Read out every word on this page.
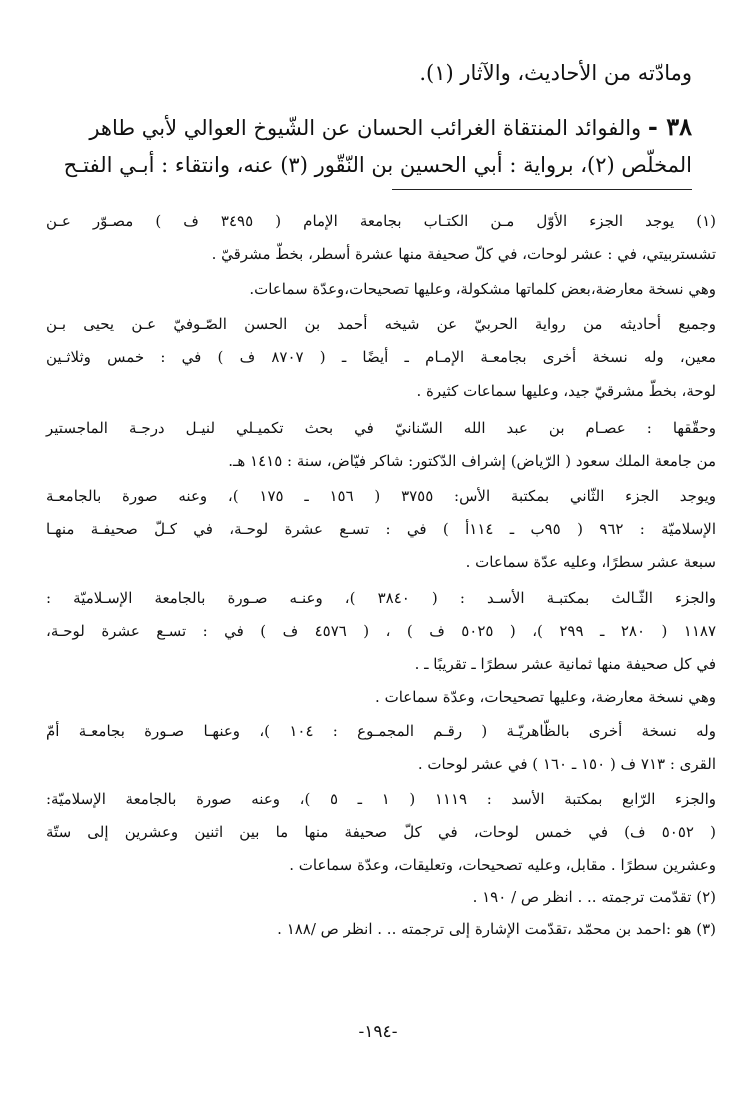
ومادّته من الأحاديث، والآثار (١).
٣٨ - والفوائد المنتقاة الغرائب الحسان عن الشّيوخ العوالي لأبي طاهر
المخلّص (٢)، برواية : أبي الحسين بن النّقّور (٣) عنه، وانتقاء : أبـي الفتـح
(١) يوجد الجزء الأوّل مـن الكتـاب بجامعة الإمام ( ٣٤٩٥ ف ) مصـوّر عـن
تشستربيتي، في : عشر لوحات، في كلّ صحيفة منها عشرة أسطر، بخطّ مشرقيّ .
وهي نسخة معارضة،بعض كلماتها مشكولة، وعليها تصحيحات،وعدّة سماعات.
وجميع أحاديثه من رواية الحربيّ عن شيخه أحمد بن الحسن الصّـوفيّ عـن يحيى بـن
معين، وله نسخة أخرى بجامعـة الإمـام ـ أيضًا ـ ( ٨٧٠٧ ف ) في : خمس وثلاثـين
لوحة، بخطّ مشرقيّ جيد، وعليها سماعات كثيرة .
وحقّقها : عصـام بن عبد الله السّنانيّ في بحث تكميـلي لنيـل درجـة الماجستير
من جامعة الملك سعود ( الرّياض) إشراف الدّكتور: شاكر فيّاض، سنة : ١٤١٥ هـ.
ويوجد الجزء الثّاني بمكتبة الأس: ٣٧٥٥ ( ١٥٦ ـ ١٧٥ )، وعنه صورة بالجامعـة
الإسلاميّة : ٩٦٢ ( ٩٥ب ـ ١١٤أ ) في : تسـع عشرة لوحـة، في كـلّ صحيفـة منهـا
سبعة عشر سطرًا، وعليه عدّة سماعات .
والجزء الثّـالث بمكتبـة الأسـد : ( ٣٨٤٠ )، وعنـه صـورة بالجامعة الإسـلاميّة :
١١٨٧ ( ٢٨٠ ـ ٢٩٩ )، ( ٥٠٢٥ ف ) ، ( ٤٥٧٦ ف ) في : تسـع عشرة لوحـة،
في كل صحيفة منها ثمانية عشر سطرًا ـ تقريبًا ـ .
وهي نسخة معارضة، وعليها تصحيحات، وعدّة سماعات .
وله نسخة أخرى بالظّاهريّـة ( رقـم المجمـوع : ١٠٤ )، وعنهـا صـورة بجامعـة أمّ
القرى : ٧١٣ ف ( ١٥٠ ـ ١٦٠ ) في عشر لوحات .
والجزء الرّابع بمكتبة الأسد : ١١١٩ ( ١ ـ ٥ )، وعنه صورة بالجامعة الإسلاميّة:
( ٥٠٥٢ ف) في خمس لوحات، في كلّ صحيفة منها ما بين اثنين وعشرين إلى ستّة
وعشرين سطرًا . مقابل، وعليه تصحيحات، وتعليقات، وعدّة سماعات .
(٢) تقدّمت ترجمته .. . انظر ص / ١٩٠ .
(٣) هو :احمد بن محمّد ،تقدّمت الإشارة إلى ترجمته .. . انظر ص /١٨٨ .
-١٩٤-
